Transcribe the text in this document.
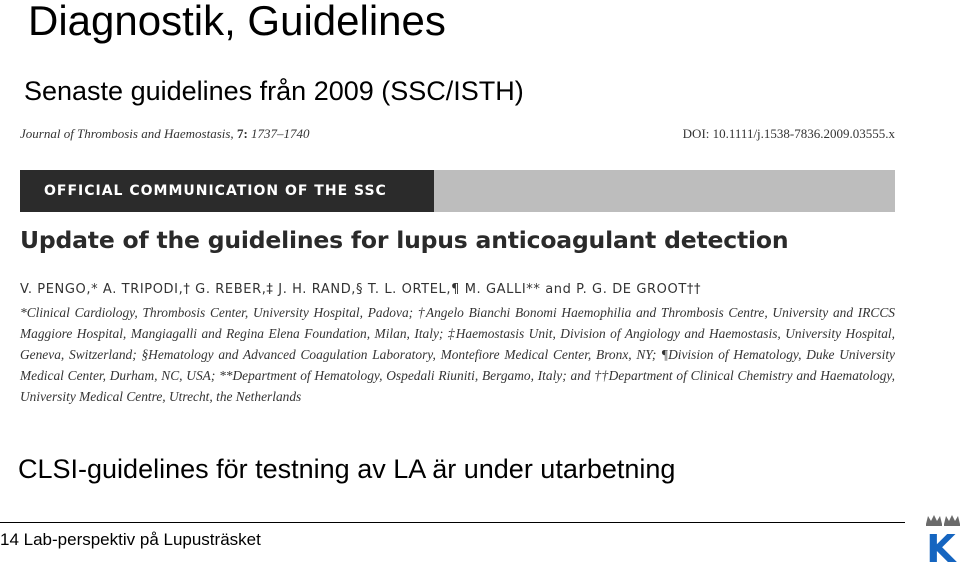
Diagnostik, Guidelines
Senaste guidelines från 2009 (SSC/ISTH)
Journal of Thrombosis and Haemostasis, 7: 1737–1740	DOI: 10.1111/j.1538-7836.2009.03555.x
OFFICIAL COMMUNICATION OF THE SSC
Update of the guidelines for lupus anticoagulant detection
V. PENGO,* A. TRIPODI,† G. REBER,‡ J. H. RAND,§ T. L. ORTEL,¶ M. GALLI** and P. G. DE GROOT††
*Clinical Cardiology, Thrombosis Center, University Hospital, Padova; †Angelo Bianchi Bonomi Haemophilia and Thrombosis Centre, University and IRCCS Maggiore Hospital, Mangiagalli and Regina Elena Foundation, Milan, Italy; ‡Haemostasis Unit, Division of Angiology and Haemostasis, University Hospital, Geneva, Switzerland; §Hematology and Advanced Coagulation Laboratory, Montefiore Medical Center, Bronx, NY; ¶Division of Hematology, Duke University Medical Center, Durham, NC, USA; **Department of Hematology, Ospedali Riuniti, Bergamo, Italy; and ††Department of Clinical Chemistry and Haematology, University Medical Centre, Utrecht, the Netherlands
CLSI-guidelines för testning av LA är under utarbetning
14 Lab-perspektiv på Lupusträsket	K
